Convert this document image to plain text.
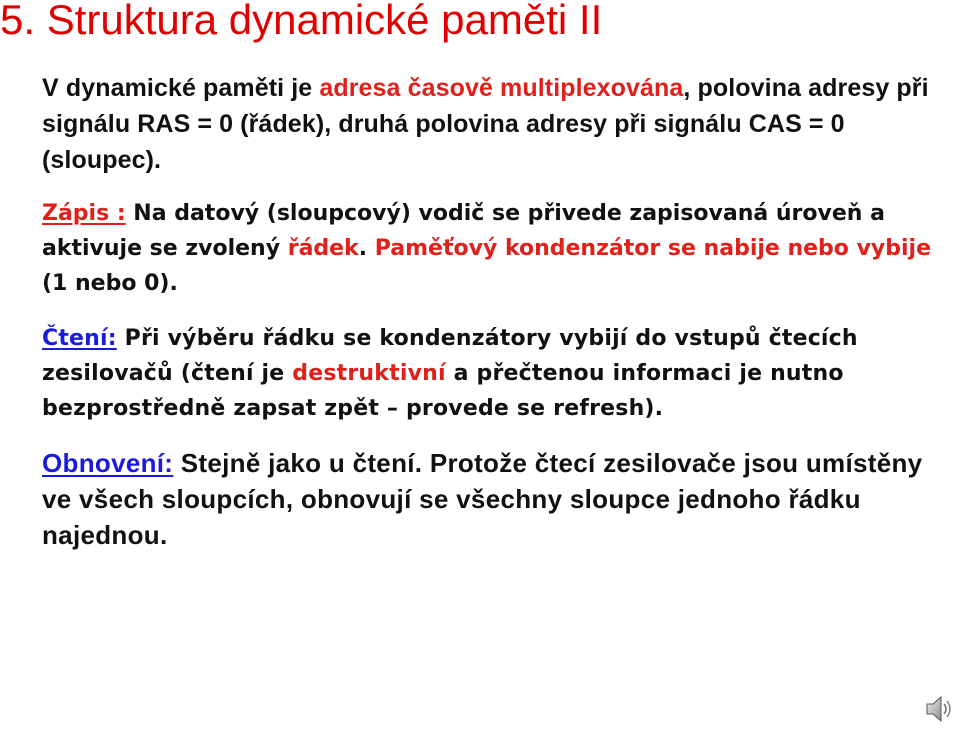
5. Struktura dynamické paměti II

V dynamické paměti je adresa časově multiplexována, polovina adresy při signálu RAS = 0 (řádek), druhá polovina adresy při signálu CAS = 0 (sloupec).

Zápis : Na datový (sloupcový) vodič se přivede zapisovaná úroveň a aktivuje se zvolený řádek. Paměťový kondenzátor se nabije nebo vybije (1 nebo 0).

Čtení: Při výběru řádku se kondenzátory vybijí do vstupů čtecích zesilovačů (čtení je destruktivní a přečtenou informaci je nutno bezprostředně zapsat zpět – provede se refresh).

Obnovení: Stejně jako u čtení. Protože čtecí zesilovače jsou umístěny ve všech sloupcích, obnovují se všechny sloupce jednoho řádku najednou.
